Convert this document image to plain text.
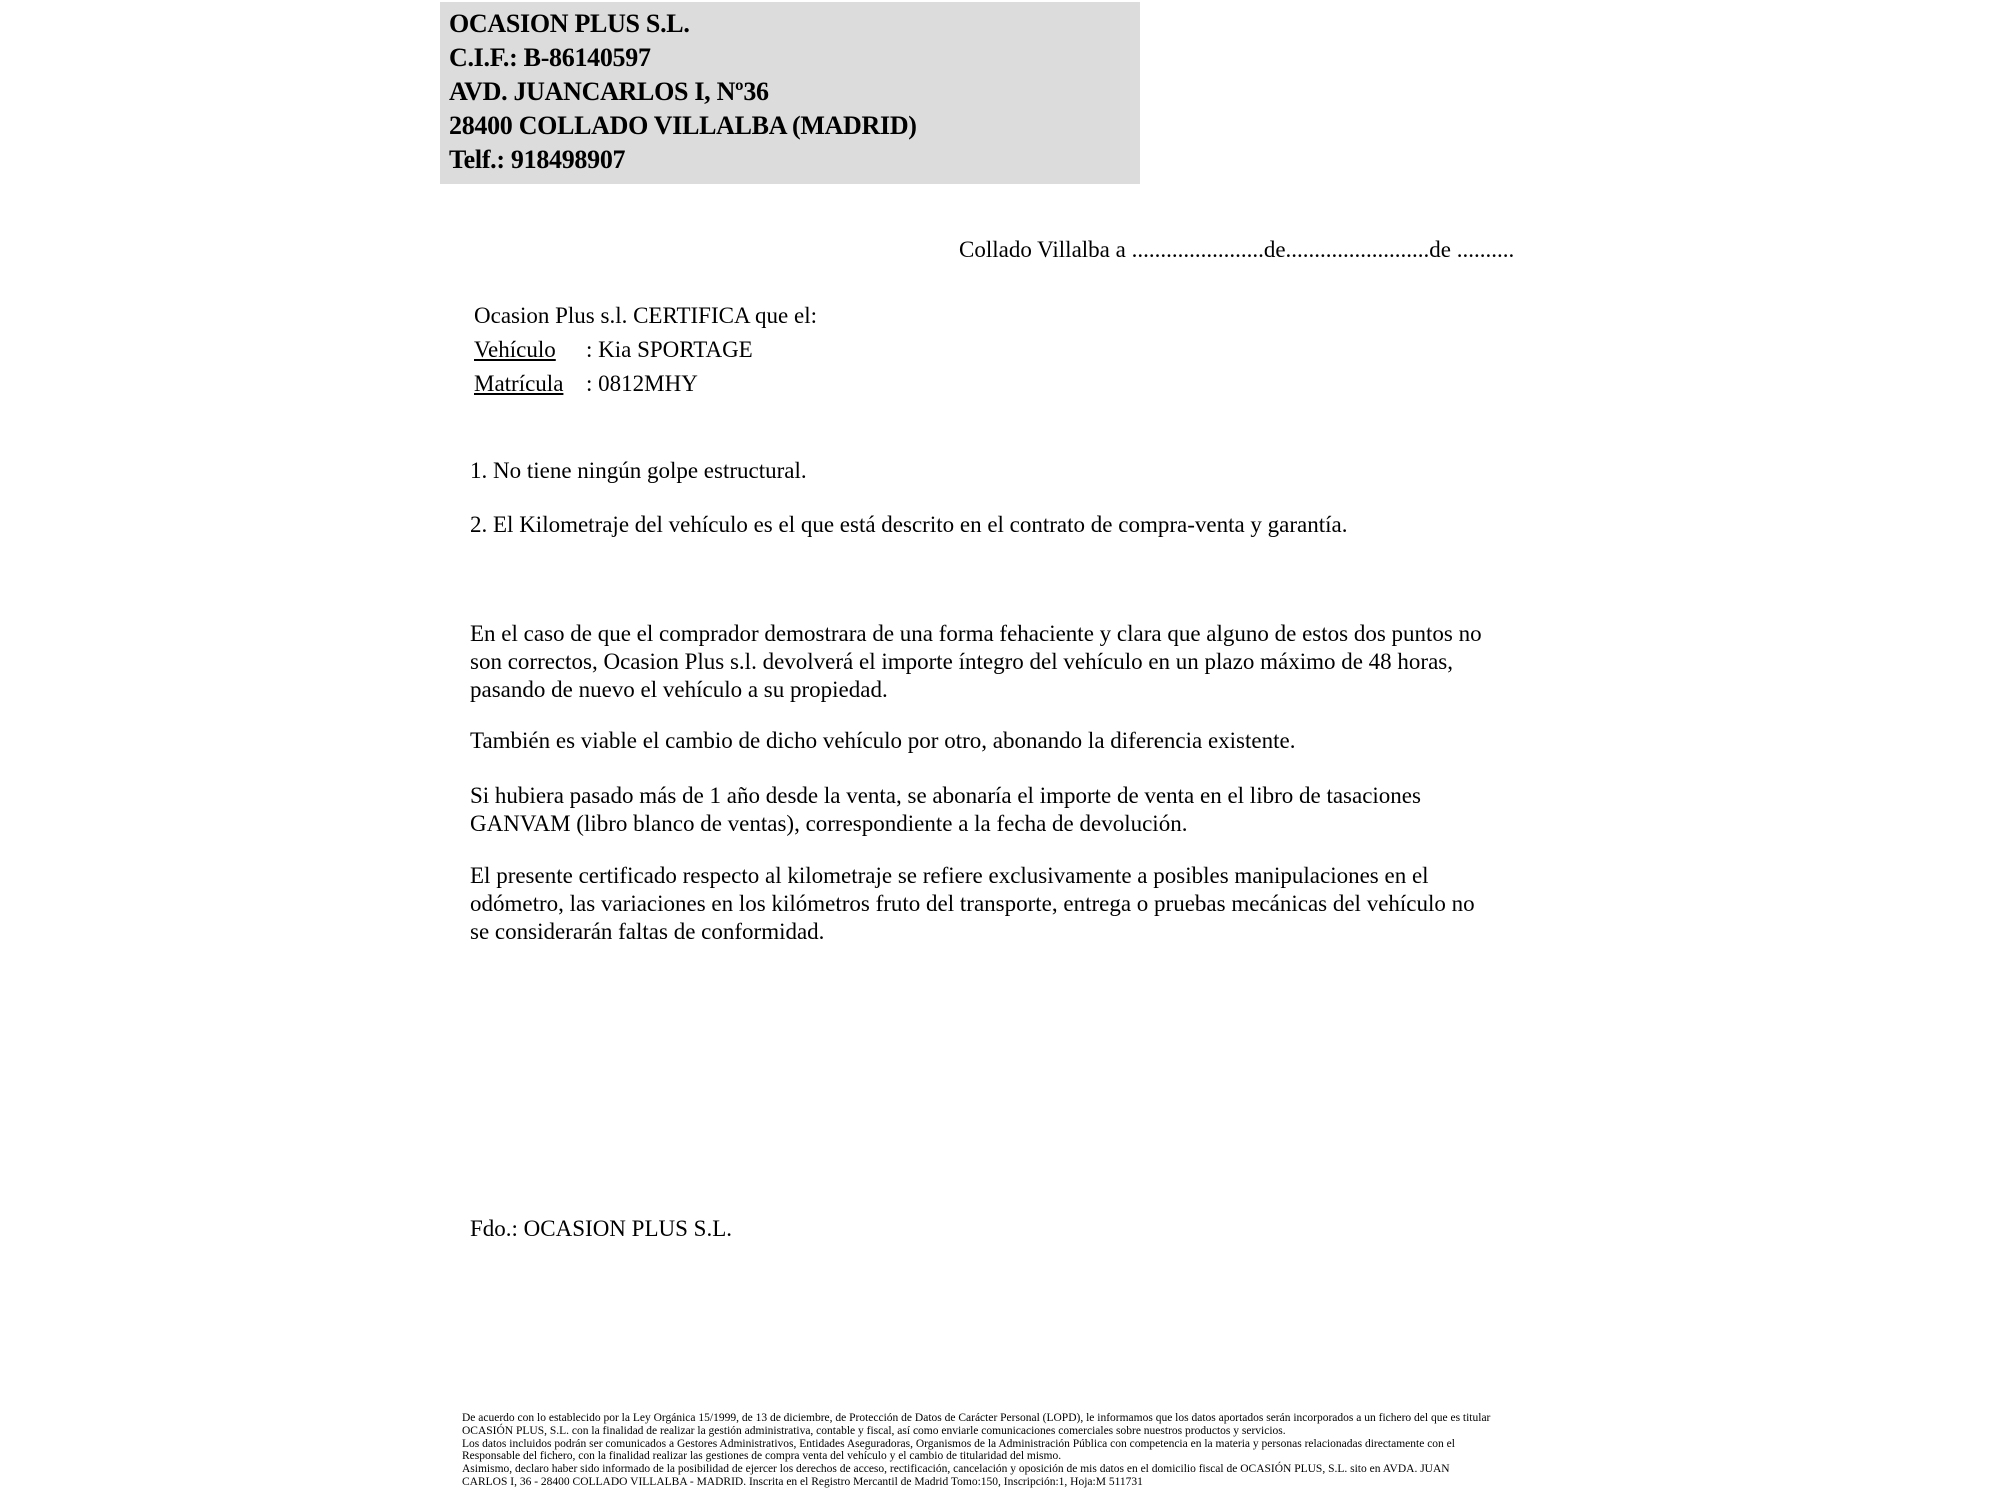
OCASION PLUS S.L.
C.I.F.: B-86140597
AVD. JUANCARLOS I, Nº36
28400 COLLADO VILLALBA (MADRID)
Telf.: 918498907
Collado Villalba a .......................de.........................de ..........
Ocasion Plus s.l. CERTIFICA que el:
Vehículo : Kia SPORTAGE
Matrícula : 0812MHY
1. No tiene ningún golpe estructural.
2. El Kilometraje del vehículo es el que está descrito en el contrato de compra-venta y garantía.
En el caso de que el comprador demostrara de una forma fehaciente y clara que alguno de estos dos puntos no
son correctos, Ocasion Plus s.l. devolverá el importe íntegro del vehículo en un plazo máximo de 48 horas,
pasando de nuevo el vehículo a su propiedad.
También es viable el cambio de dicho vehículo por otro, abonando la diferencia existente.
Si hubiera pasado más de 1 año desde la venta, se abonaría el importe de venta en el libro de tasaciones
GANVAM (libro blanco de ventas), correspondiente a la fecha de devolución.
El presente certificado respecto al kilometraje se refiere exclusivamente a posibles manipulaciones en el
odómetro, las variaciones en los kilómetros fruto del transporte, entrega o pruebas mecánicas del vehículo no
se considerarán faltas de conformidad.
Fdo.: OCASION PLUS S.L.
De acuerdo con lo establecido por la Ley Orgánica 15/1999, de 13 de diciembre, de Protección de Datos de Carácter Personal (LOPD), le informamos que los datos aportados serán incorporados a un fichero del que es titular
OCASIÓN PLUS, S.L. con la finalidad de realizar la gestión administrativa, contable y fiscal, así como enviarle comunicaciones comerciales sobre nuestros productos y servicios.
Los datos incluidos podrán ser comunicados a Gestores Administrativos, Entidades Aseguradoras, Organismos de la Administración Pública con competencia en la materia y personas relacionadas directamente con el
Responsable del fichero, con la finalidad realizar las gestiones de compra venta del vehículo y el cambio de titularidad del mismo.
Asimismo, declaro haber sido informado de la posibilidad de ejercer los derechos de acceso, rectificación, cancelación y oposición de mis datos en el domicilio fiscal de OCASIÓN PLUS, S.L. sito en AVDA. JUAN
CARLOS I, 36 - 28400 COLLADO VILLALBA - MADRID. Inscrita en el Registro Mercantil de Madrid Tomo:150, Inscripción:1, Hoja:M 511731
